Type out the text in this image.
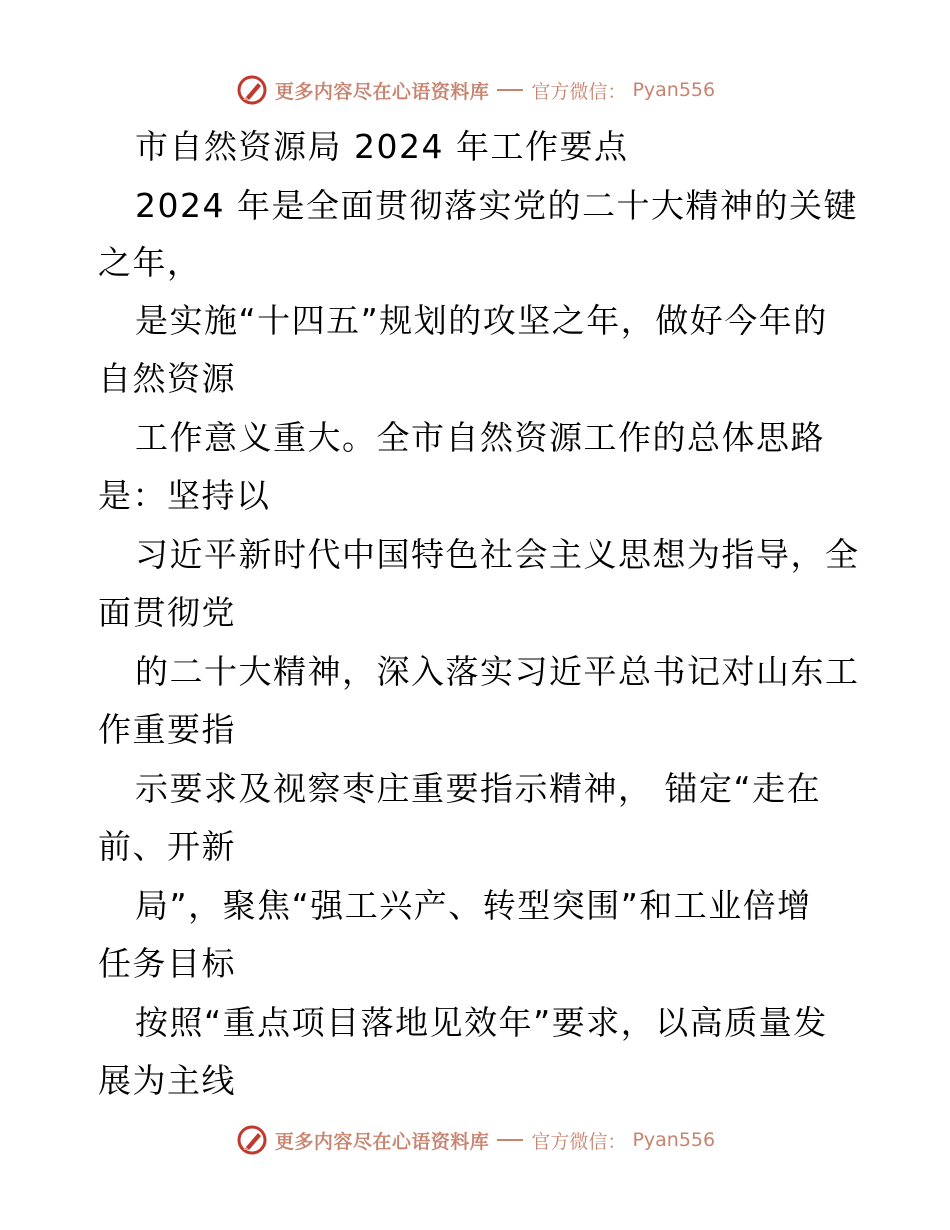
更多内容尽在心语资料库 官方微信： Pyan556
市自然资源局 2024 年工作要点
2024 年是全面贯彻落实党的二十大精神的关键
之年，
是实施“十四五”规划的攻坚之年，做好今年的
自然资源
工作意义重大。全市自然资源工作的总体思路
是：坚持以
习近平新时代中国特色社会主义思想为指导，全
面贯彻党
的二十大精神，深入落实习近平总书记对山东工
作重要指
示要求及视察枣庄重要指示精神， 锚定“走在
前、开新
局”，聚焦“强工兴产、转型突围”和工业倍增
任务目标
按照“重点项目落地见效年”要求，以高质量发
展为主线
更多内容尽在心语资料库 官方微信： Pyan556
